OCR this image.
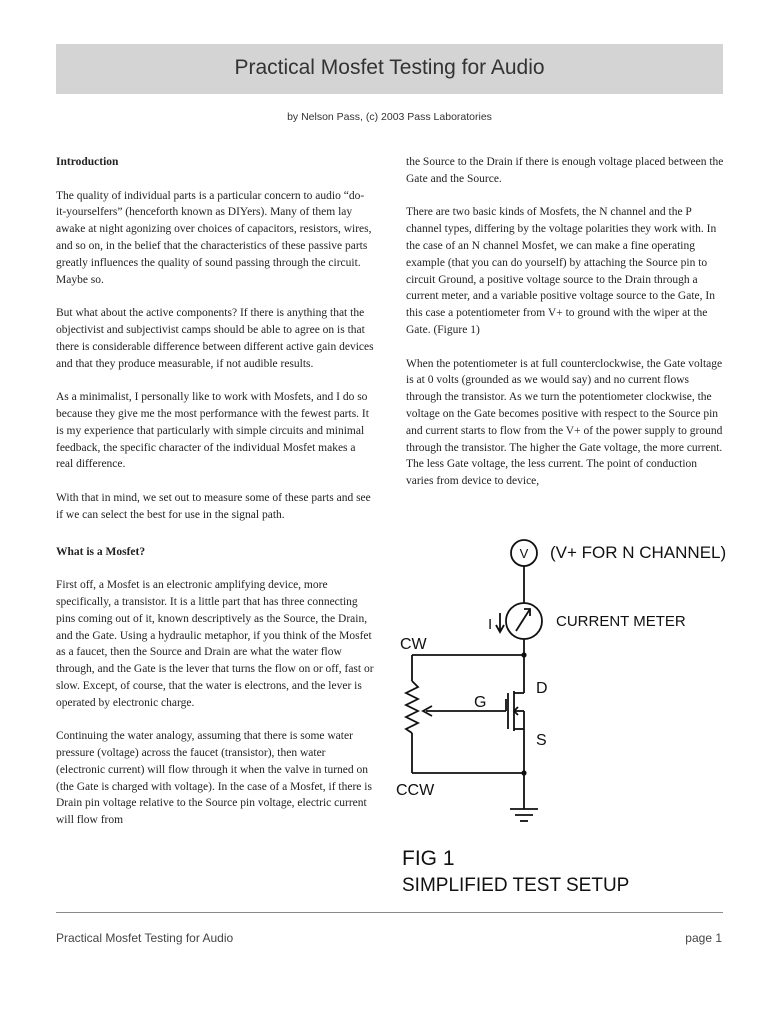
Practical Mosfet Testing for Audio
by Nelson Pass, (c) 2003 Pass Laboratories
Introduction

The quality of individual parts is a particular concern to audio “do-it-yourselfers” (henceforth known as DIYers). Many of them lay awake at night agonizing over choices of capacitors, resistors, wires, and so on, in the belief that the characteristics of these passive parts greatly influences the quality of sound passing through the circuit. Maybe so.

But what about the active components? If there is anything that the objectivist and subjectivist camps should be able to agree on is that there is considerable difference between different active gain devices and that they produce measurable, if not audible results.

As a minimalist, I personally like to work with Mosfets, and I do so because they give me the most performance with the fewest parts. It is my experience that particularly with simple circuits and minimal feedback, the specific character of the individual Mosfet makes a real difference.

With that in mind, we set out to measure some of these parts and see if we can select the best for use in the signal path.

What is a Mosfet?

First off, a Mosfet is an electronic amplifying device, more specifically, a transistor. It is a little part that has three connecting pins coming out of it, known descriptively as the Source, the Drain, and the Gate. Using a hydraulic metaphor, if you think of the Mosfet as a faucet, then the Source and Drain are what the water flow through, and the Gate is the lever that turns the flow on or off, fast or slow. Except, of course, that the water is electrons, and the lever is operated by electronic charge.

Continuing the water analogy, assuming that there is some water pressure (voltage) across the faucet (transistor), then water (electronic current) will flow through it when the valve in turned on (the Gate is charged with voltage). In the case of a Mosfet, if there is Drain pin voltage relative to the Source pin voltage, electric current will flow from

the Source to the Drain if there is enough voltage placed between the Gate and the Source.

There are two basic kinds of Mosfets, the N channel and the P channel types, differing by the voltage polarities they work with. In the case of an N channel Mosfet, we can make a fine operating example (that you can do yourself) by attaching the Source pin to circuit Ground, a positive voltage source to the Drain through a current meter, and a variable positive voltage source to the Gate, In this case a potentiometer from V+ to ground with the wiper at the Gate. (Figure 1)

When the potentiometer is at full counterclockwise, the Gate voltage is at 0 volts (grounded as we would say) and no current flows through the transistor. As we turn the potentiometer clockwise, the voltage on the Gate becomes positive with respect to the Source pin and current starts to flow from the V+ of the power supply to ground through the transistor. The higher the Gate voltage, the more current. The less Gate voltage, the less current. The point of conduction varies from device to device,

V (V+ FOR N CHANNEL)
I	CURRENT METER
CW
G
D
S
CCW
FIG 1
SIMPLIFIED TEST SETUP
Practical Mosfet Testing for Audio	page 1
